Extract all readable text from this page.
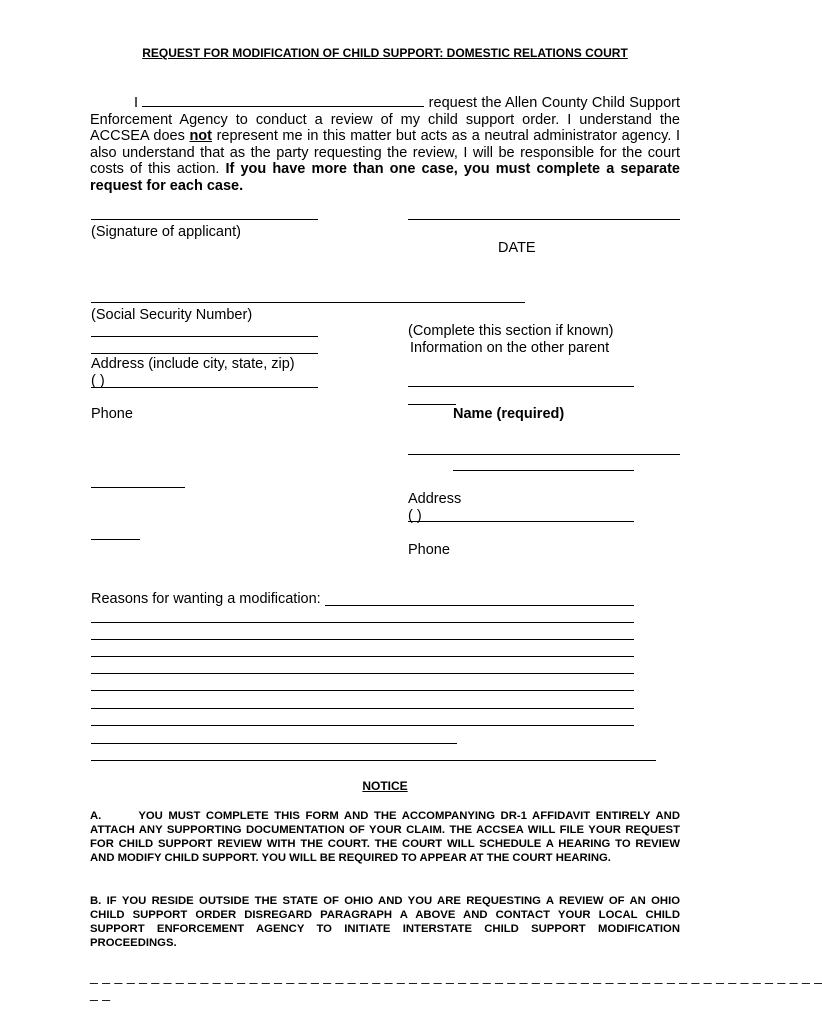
REQUEST FOR MODIFICATION OF CHILD SUPPORT: DOMESTIC RELATIONS COURT
I	request the Allen County Child Support Enforcement Agency to conduct a review of my child support order. I understand the ACCSEA does not represent me in this matter but acts as a neutral administrator agency. I also understand that as the party requesting the review, I will be responsible for the court costs of this action. If you have more than one case, you must complete a separate request for each case.
(Signature of applicant)
DATE
(Social Security Number)
Address (include city, state, zip)
( )
Phone
(Complete this section if known)
Information on the other parent
Name (required)
Address
( )
Phone
Reasons for wanting a modification:
NOTICE
A.	YOU MUST COMPLETE THIS FORM AND THE ACCOMPANYING DR-1 AFFIDAVIT ENTIRELY AND ATTACH ANY SUPPORTING DOCUMENTATION OF YOUR CLAIM. THE ACCSEA WILL FILE YOUR REQUEST FOR CHILD SUPPORT REVIEW WITH THE COURT. THE COURT WILL SCHEDULE A HEARING TO REVIEW AND MODIFY CHILD SUPPORT. YOU WILL BE REQUIRED TO APPEAR AT THE COURT HEARING.
B. IF YOU RESIDE OUTSIDE THE STATE OF OHIO AND YOU ARE REQUESTING A REVIEW OF AN OHIO CHILD SUPPORT ORDER DISREGARD PARAGRAPH A ABOVE AND CONTACT YOUR LOCAL CHILD SUPPORT ENFORCEMENT AGENCY TO INITIATE INTERSTATE CHILD SUPPORT MODIFICATION PROCEEDINGS.
_ _ _ _ _ _ _ _ _ _ _ _ _ _ _ _ _ _ _ _ _ _ _ _ _ _ _ _ _ _ _ _ _ _ _ _ _ _ _ _ _ _ _ _ _ _ _ _ _ _ _ _ _ _ _ _ _ _ _ _
_ _
